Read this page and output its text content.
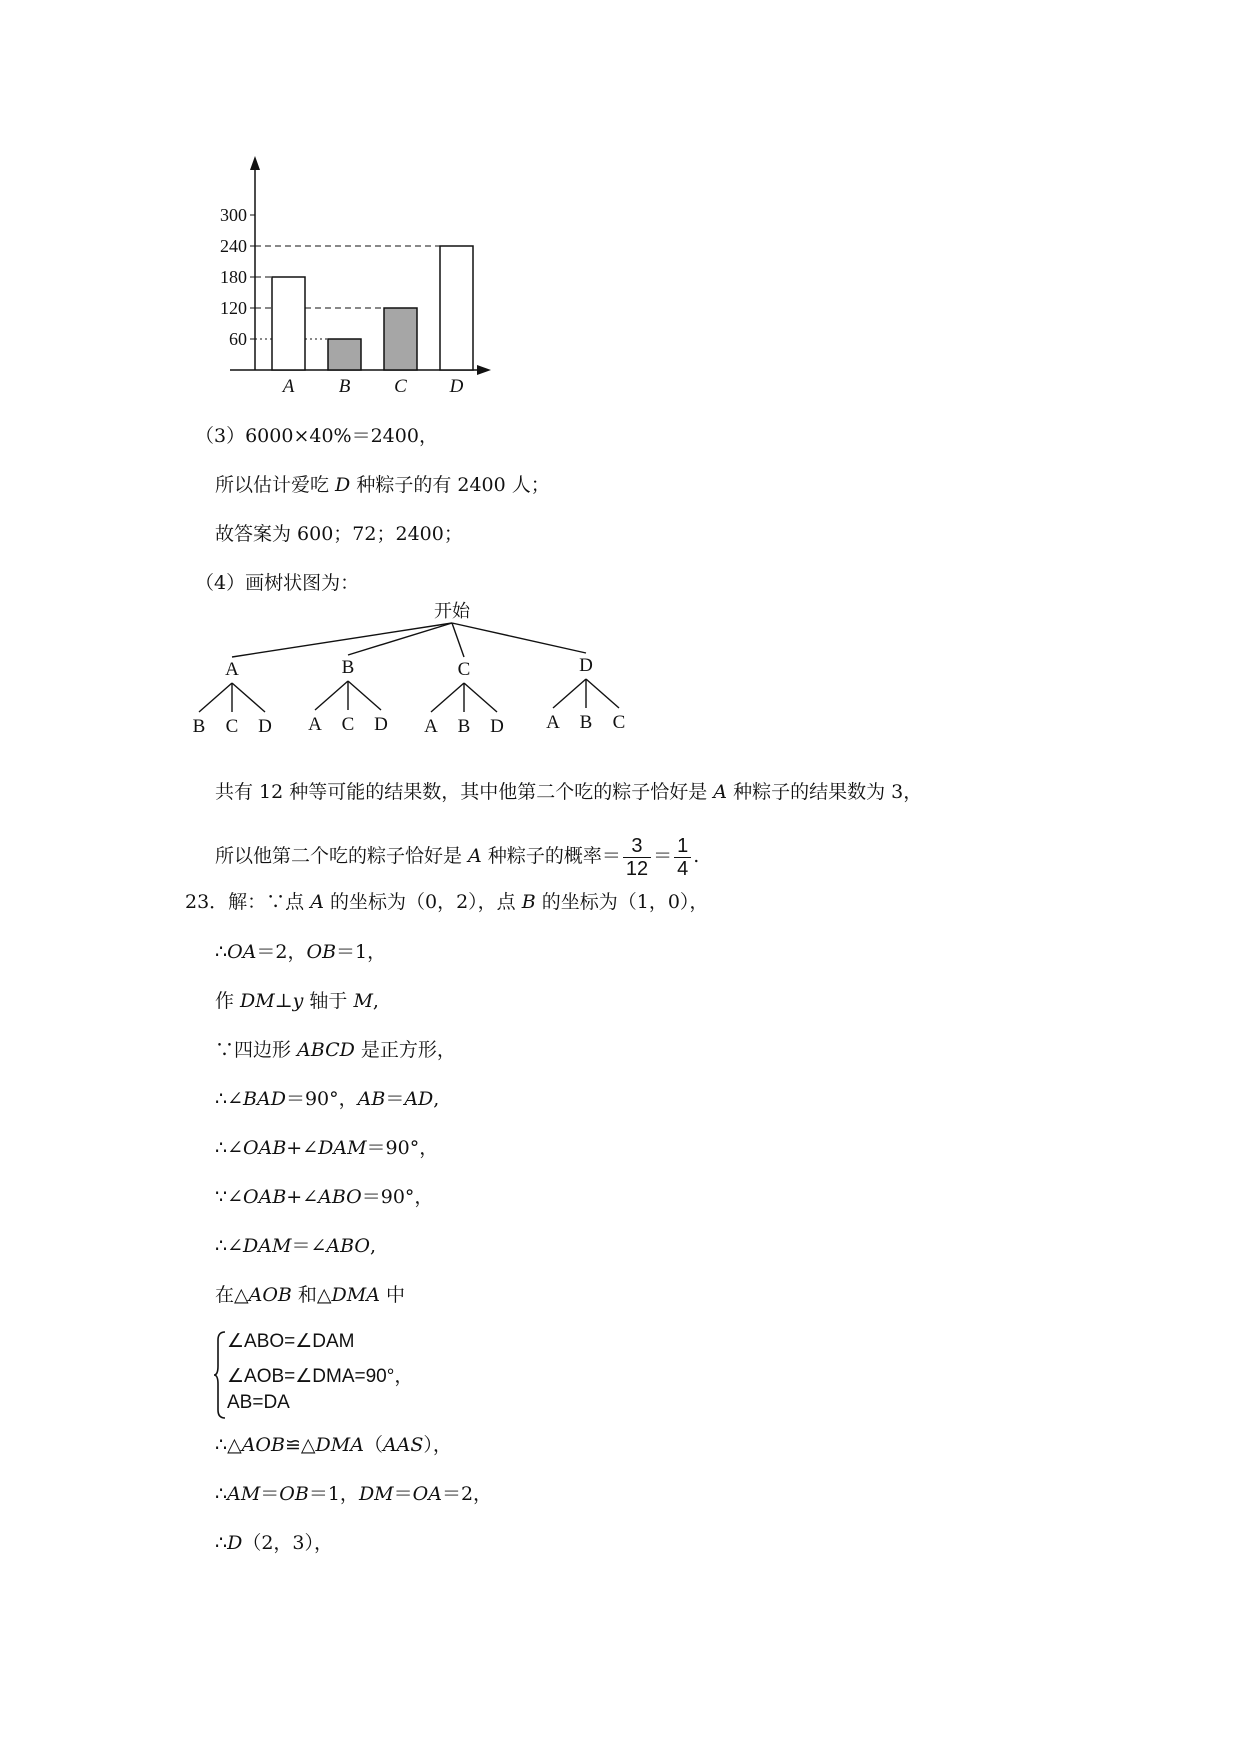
60
120
180
240
300
A B C D
（3）6000×40%＝2400，
所以估计爱吃 D 种粽子的有 2400 人；
故答案为 600；72；2400；
（4）画树状图为：
开始
A
B C D
B
A C D
C
A B D
D
A B C
共有 12 种等可能的结果数，其中他第二个吃的粽子恰好是 A 种粽子的结果数为 3，
所以他第二个吃的粽子恰好是 A 种粽子的概率＝ $\frac{3}{12} = \frac{1}{4}$ .
23．解：∵点 A 的坐标为（0，2），点 B 的坐标为（1，0），
∴OA＝2，OB＝1，
作 DM⊥y 轴于 M,
∵四边形 ABCD 是正方形，
∴∠BAD＝90°，AB＝AD,
∴∠OAB+∠DAM＝90°，
∵∠OAB+∠ABO＝90°，
∴∠DAM＝∠ABO,
在△AOB 和△DMA 中
∠ABO=∠DAM
∠AOB=∠DMA=90°，
AB=DA
∴△AOB≌△DMA（AAS），
∴AM＝OB＝1，DM＝OA＝2，
∴D（2，3），
